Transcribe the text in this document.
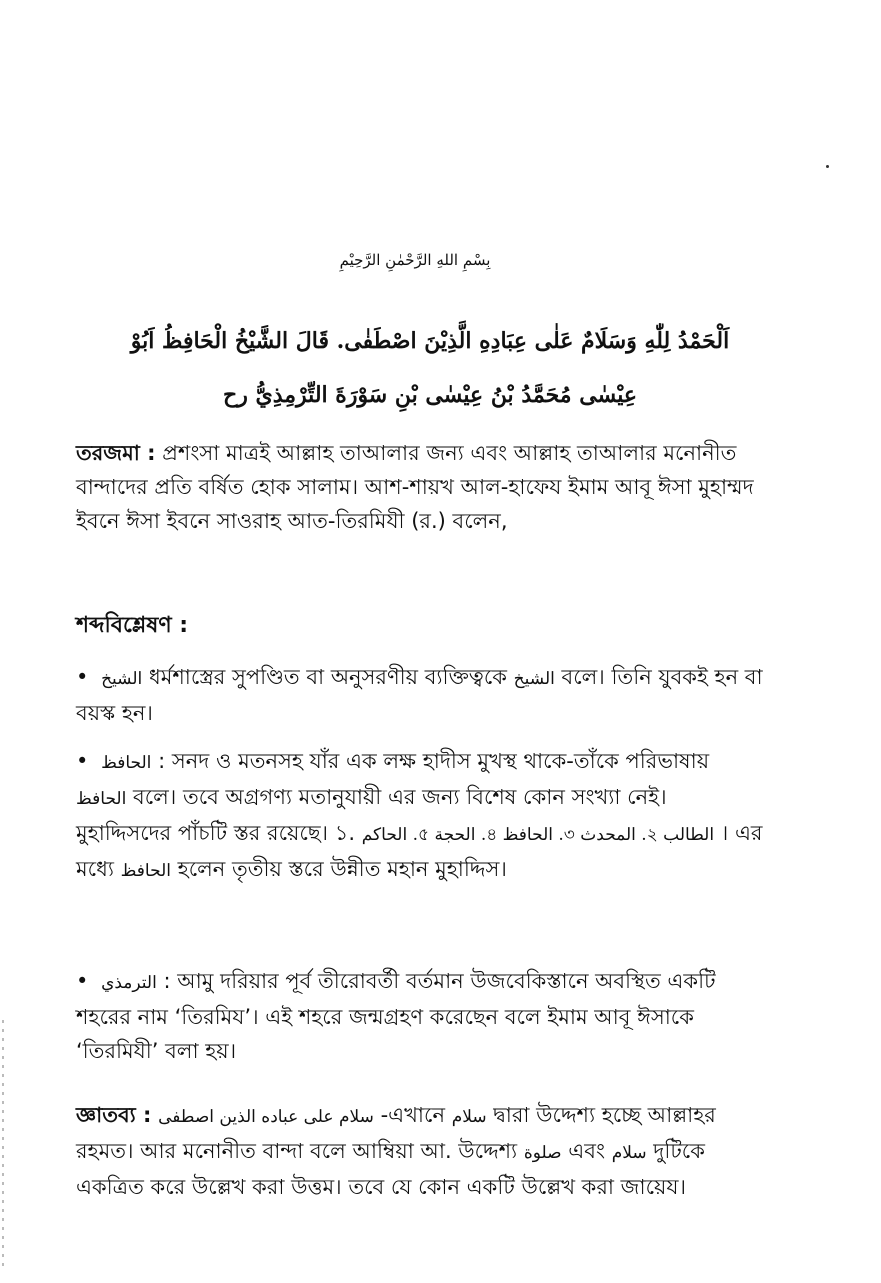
بِسْمِ اللهِ الرَّحْمٰنِ الرَّحِيْمِ
اَلْحَمْدُ لِلّٰهِ وَسَلَامٌ عَلٰى عِبَادِهِ الَّذِيْنَ اصْطَفٰى. قَالَ الشَّيْخُ الْحَافِظُ اَبُوْ
عِيْسٰى مُحَمَّدُ بْنُ عِيْسٰى بْنِ سَوْرَةَ التِّرْمِذِيُّ رح

তরজমা : প্রশংসা মাত্রই আল্লাহ তাআলার জন্য এবং আল্লাহ তাআলার মনোনীত বান্দাদের প্রতি বর্ষিত হোক সালাম। আশ-শায়খ আল-হাফেয ইমাম আবূ ঈসা মুহাম্মদ ইবনে ঈসা ইবনে সাওরাহ আত-তিরমিযী (র.) বলেন,

শব্দবিশ্লেষণ :

• الشيخ ধর্মশাস্ত্রের সুপণ্ডিত বা অনুসরণীয় ব্যক্তিত্বকে الشيخ বলে। তিনি যুবকই হন বা বয়স্ক হন।

• الحافظ : সনদ ও মতনসহ যাঁর এক লক্ষ হাদীস মুখস্থ থাকে-তাঁকে পরিভাষায় الحافظ বলে। তবে অগ্রগণ্য মতানুযায়ী এর জন্য বিশেষ কোন সংখ্যা নেই। মুহাদ্দিসদের পাঁচটি স্তর রয়েছে। ১. الطالب ২. المحدث ৩. الحافظ ৪. الحجة ৫. الحاكم । এর মধ্যে الحافظ হলেন তৃতীয় স্তরে উন্নীত মহান মুহাদ্দিস।

• الترمذي : আমু দরিয়ার পূর্ব তীরোবর্তী বর্তমান উজবেকিস্তানে অবস্থিত একটি শহরের নাম ‘তিরমিয’। এই শহরে জন্মগ্রহণ করেছেন বলে ইমাম আবূ ঈসাকে ‘তিরমিযী’ বলা হয়।

জ্ঞাতব্য : سلام على عباده الذين اصطفى -এখানে سلام দ্বারা উদ্দেশ্য হচ্ছে আল্লাহর রহমত। আর মনোনীত বান্দা বলে আম্বিয়া আ. উদ্দেশ্য صلوة এবং سلام দুটিকে একত্রিত করে উল্লেখ করা উত্তম। তবে যে কোন একটি উল্লেখ করা জায়েয।
